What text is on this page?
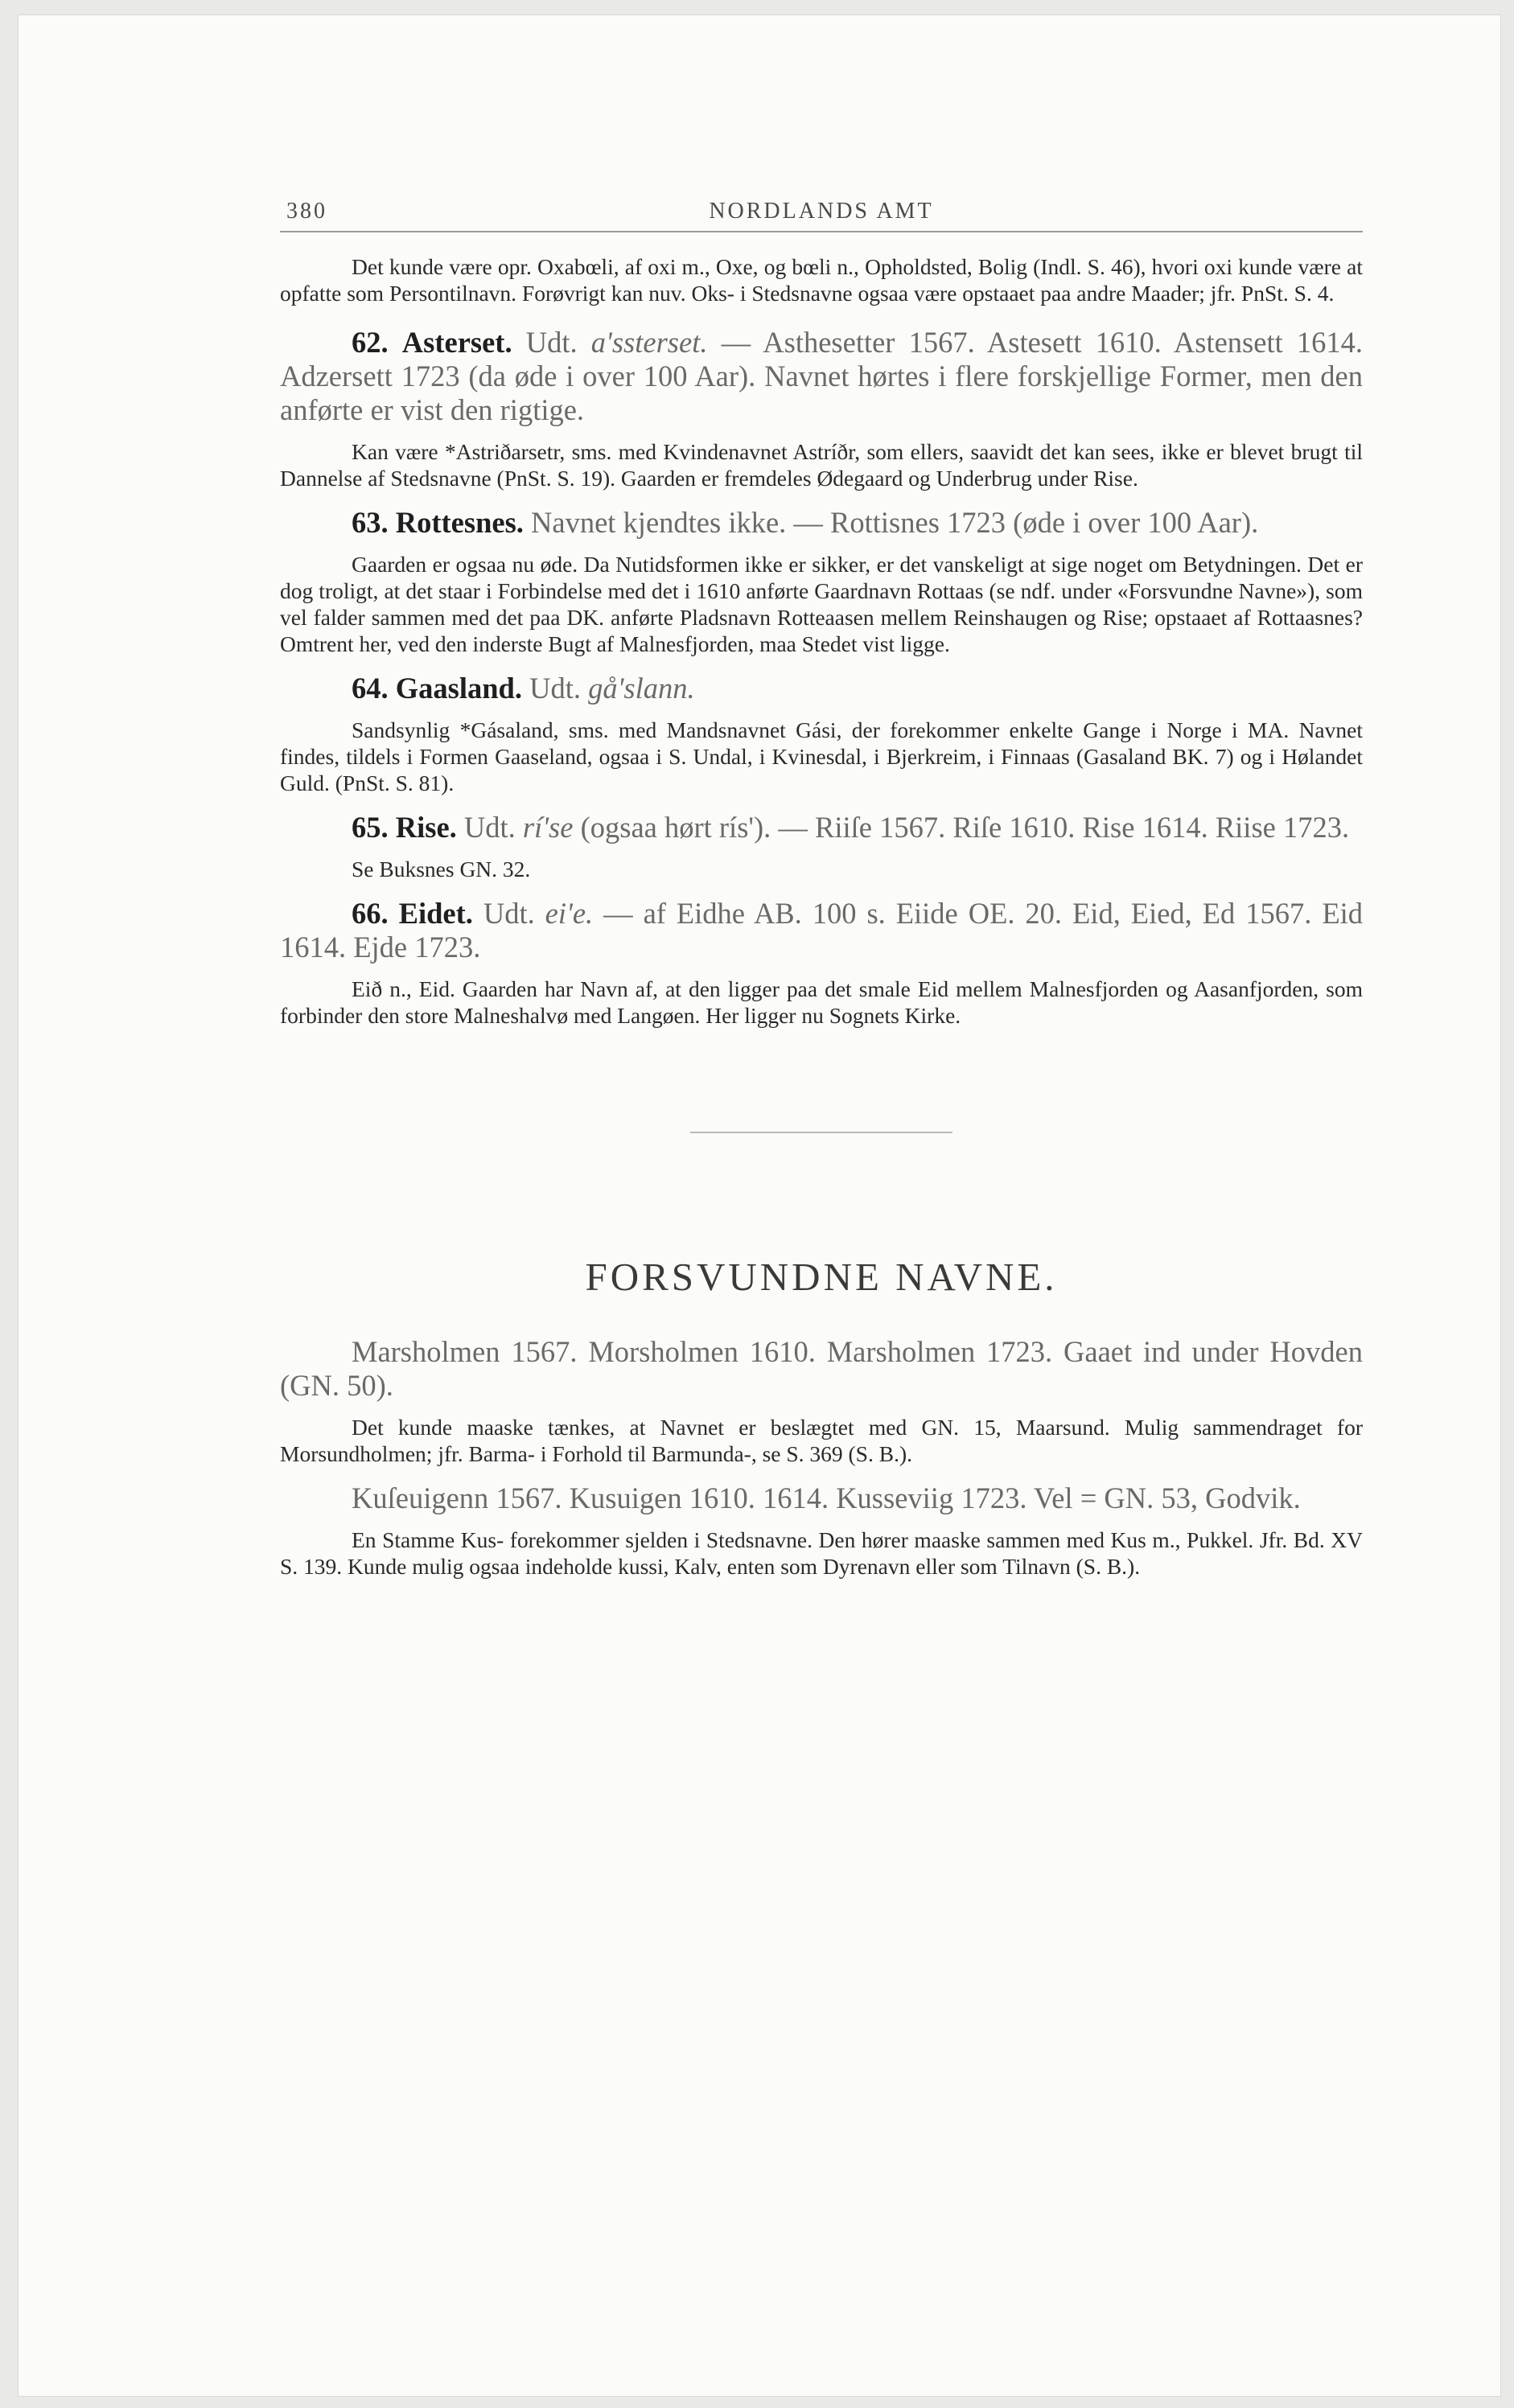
380	NORDLANDS AMT

Det kunde være opr. Oxabœli, af oxi m., Oxe, og bœli n., Opholdsted, Bolig (Indl. S. 46), hvori oxi kunde være at opfatte som Persontilnavn. Forøvrigt kan nuv. Oks- i Stedsnavne ogsaa være opstaaet paa andre Maader; jfr. PnSt. S. 4.

62. Asterset. Udt. a'ssterset. — Asthesetter 1567. Astesett 1610. Astensett 1614. Adzersett 1723 (da øde i over 100 Aar). Navnet hørtes i flere forskjellige Former, men den anførte er vist den rigtige.

Kan være *Astriðarsetr, sms. med Kvindenavnet Astríðr, som ellers, saavidt det kan sees, ikke er blevet brugt til Dannelse af Stedsnavne (PnSt. S. 19). Gaarden er fremdeles Ødegaard og Underbrug under Rise.

63. Rottesnes. Navnet kjendtes ikke. — Rottisnes 1723 (øde i over 100 Aar).

Gaarden er ogsaa nu øde. Da Nutidsformen ikke er sikker, er det vanskeligt at sige noget om Betydningen. Det er dog troligt, at det staar i Forbindelse med det i 1610 anførte Gaardnavn Rottaas (se ndf. under «Forsvundne Navne»), som vel falder sammen med det paa DK. anførte Pladsnavn Rotteaasen mellem Reinshaugen og Rise; opstaaet af Rottaasnes? Omtrent her, ved den inderste Bugt af Malnesfjorden, maa Stedet vist ligge.

64. Gaasland. Udt. gå'slann.

Sandsynlig *Gásaland, sms. med Mandsnavnet Gási, der forekommer enkelte Gange i Norge i MA. Navnet findes, tildels i Formen Gaaseland, ogsaa i S. Undal, i Kvinesdal, i Bjerkreim, i Finnaas (Gasaland BK. 7) og i Hølandet Guld. (PnSt. S. 81).

65. Rise. Udt. rí'se (ogsaa hørt rís'). — Riiſe 1567. Riſe 1610. Rise 1614. Riise 1723.

Se Buksnes GN. 32.

66. Eidet. Udt. ei'e. — af Eidhe AB. 100 s. Eiide OE. 20. Eid, Eied, Ed 1567. Eid 1614. Ejde 1723.

Eið n., Eid. Gaarden har Navn af, at den ligger paa det smale Eid mellem Malnesfjorden og Aasanfjorden, som forbinder den store Malneshalvø med Langøen. Her ligger nu Sognets Kirke.

FORSVUNDNE NAVNE.

Marsholmen 1567. Morsholmen 1610. Marsholmen 1723. Gaaet ind under Hovden (GN. 50).

Det kunde maaske tænkes, at Navnet er beslægtet med GN. 15, Maarsund. Mulig sammendraget for Morsundholmen; jfr. Barma- i Forhold til Barmunda-, se S. 369 (S. B.).

Kuſeuigenn 1567. Kusuigen 1610. 1614. Kusseviig 1723. Vel = GN. 53, Godvik.

En Stamme Kus- forekommer sjelden i Stedsnavne. Den hører maaske sammen med Kus m., Pukkel. Jfr. Bd. XV S. 139. Kunde mulig ogsaa indeholde kussi, Kalv, enten som Dyrenavn eller som Tilnavn (S. B.).
